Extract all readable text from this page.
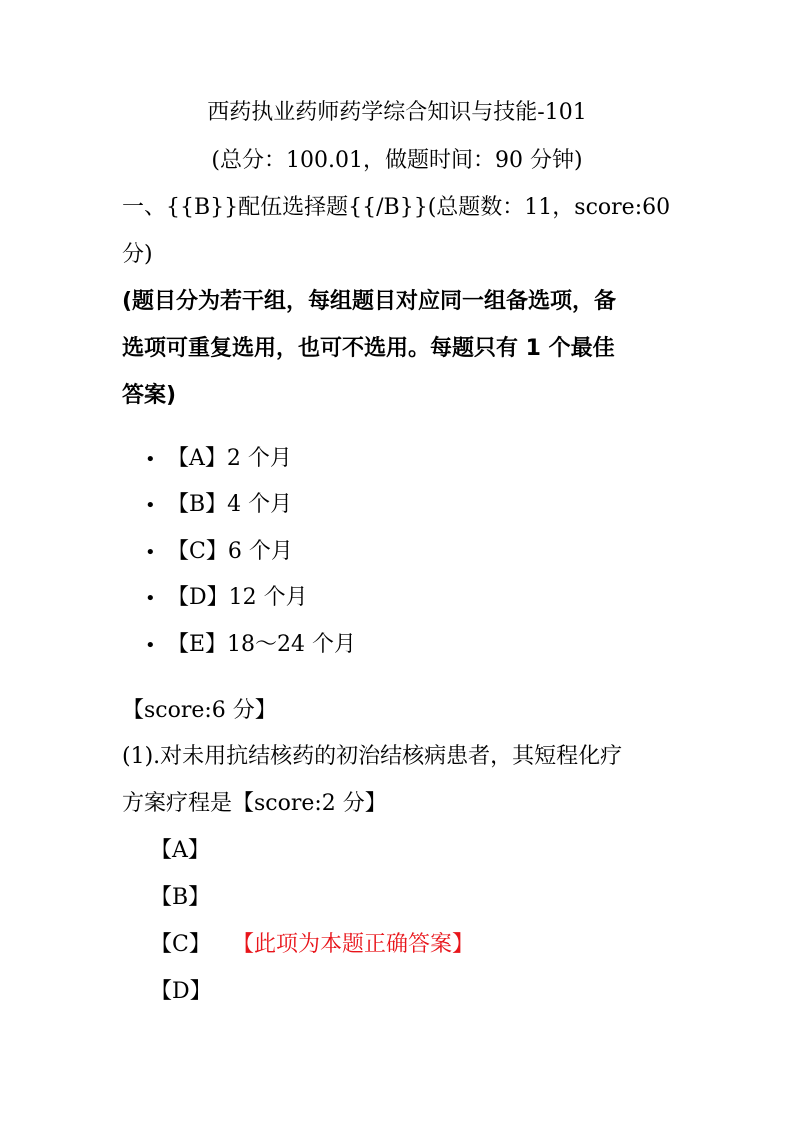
西药执业药师药学综合知识与技能-101
(总分：100.01，做题时间：90 分钟)
一、{{B}}配伍选择题{{/B}}(总题数：11，score:60
分)
(题目分为若干组，每组题目对应同一组备选项，备
选项可重复选用，也可不选用。每题只有 1 个最佳
答案)
• 【A】2 个月
• 【B】4 个月
• 【C】6 个月
• 【D】12 个月
• 【E】18～24 个月
【score:6 分】
(1).对未用抗结核药的初治结核病患者，其短程化疗
方案疗程是【score:2 分】
【A】
【B】
【C】 【此项为本题正确答案】
【D】
